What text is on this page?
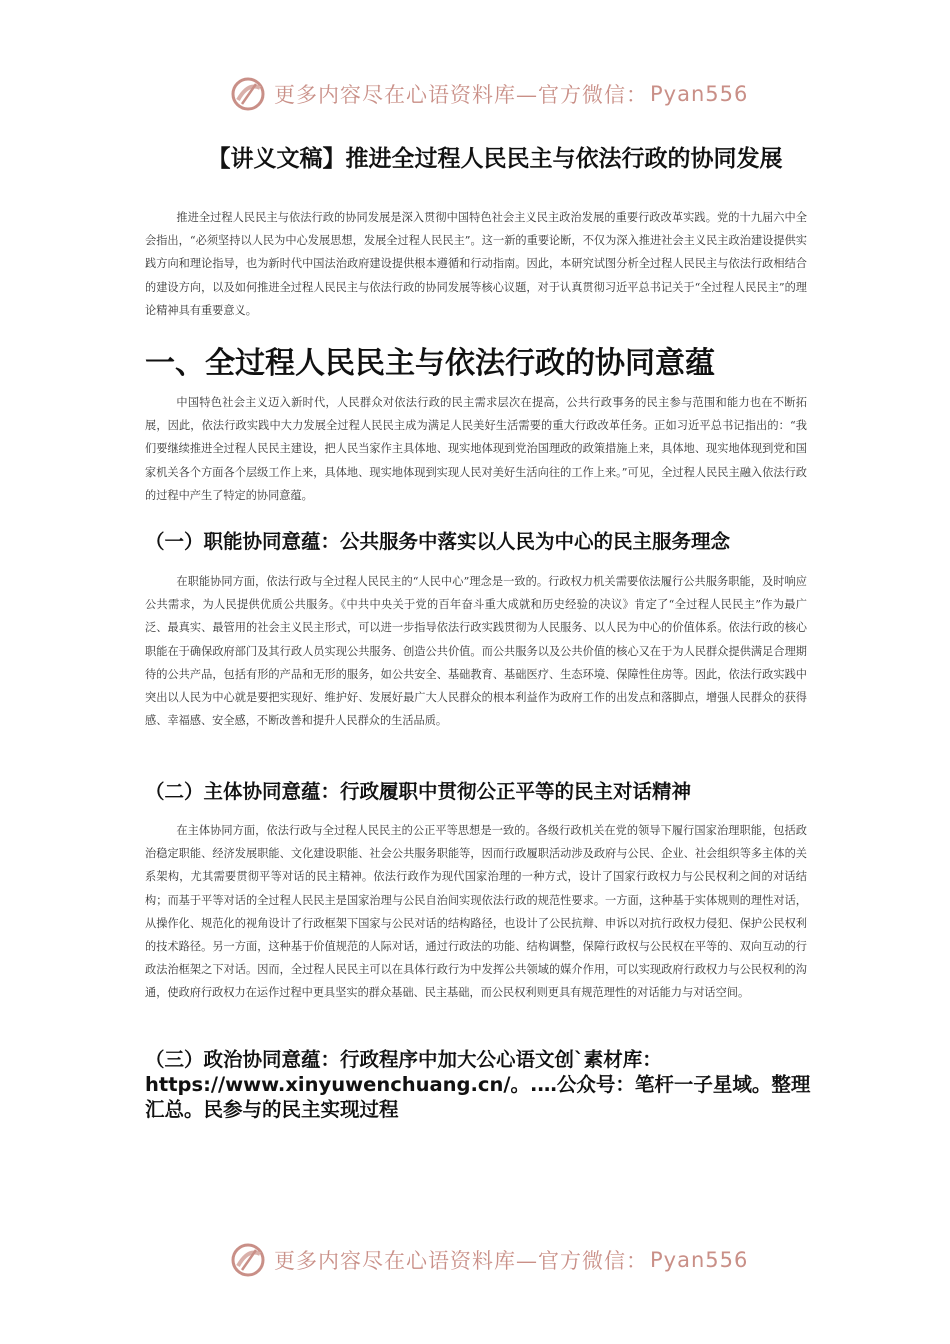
更多内容尽在心语资料库—官方微信： Pyan556
【讲义文稿】推进全过程人民民主与依法行政的协同发展

推进全过程人民民主与依法行政的协同发展是深入贯彻中国特色社会主义民主政治发展的重要行政改革实践。党的十九届六中全会指出，“必须坚持以人民为中心发展思想，发展全过程人民民主”。这一新的重要论断，不仅为深入推进社会主义民主政治建设提供实践方向和理论指导，也为新时代中国法治政府建设提供根本遵循和行动指南。因此，本研究试图分析全过程人民民主与依法行政相结合的建设方向，以及如何推进全过程人民民主与依法行政的协同发展等核心议题，对于认真贯彻习近平总书记关于“全过程人民民主”的理论精神具有重要意义。

一、全过程人民民主与依法行政的协同意蕴

中国特色社会主义迈入新时代，人民群众对依法行政的民主需求层次在提高，公共行政事务的民主参与范围和能力也在不断拓展，因此，依法行政实践中大力发展全过程人民民主成为满足人民美好生活需要的重大行政改革任务。正如习近平总书记指出的：“我们要继续推进全过程人民民主建设，把人民当家作主具体地、现实地体现到党治国理政的政策措施上来，具体地、现实地体现到党和国家机关各个方面各个层级工作上来，具体地、现实地体现到实现人民对美好生活向往的工作上来。”可见，全过程人民民主融入依法行政的过程中产生了特定的协同意蕴。

（一）职能协同意蕴：公共服务中落实以人民为中心的民主服务理念

在职能协同方面，依法行政与全过程人民民主的“人民中心”理念是一致的。行政权力机关需要依法履行公共服务职能，及时响应公共需求，为人民提供优质公共服务。《中共中央关于党的百年奋斗重大成就和历史经验的决议》肯定了“全过程人民民主”作为最广泛、最真实、最管用的社会主义民主形式，可以进一步指导依法行政实践贯彻为人民服务、以人民为中心的价值体系。依法行政的核心职能在于确保政府部门及其行政人员实现公共服务、创造公共价值。而公共服务以及公共价值的核心又在于为人民群众提供满足合理期待的公共产品，包括有形的产品和无形的服务，如公共安全、基础教育、基础医疗、生态环境、保障性住房等。因此，依法行政实践中突出以人民为中心就是要把实现好、维护好、发展好最广大人民群众的根本利益作为政府工作的出发点和落脚点，增强人民群众的获得感、幸福感、安全感，不断改善和提升人民群众的生活品质。

（二）主体协同意蕴：行政履职中贯彻公正平等的民主对话精神

在主体协同方面，依法行政与全过程人民民主的公正平等思想是一致的。各级行政机关在党的领导下履行国家治理职能，包括政治稳定职能、经济发展职能、文化建设职能、社会公共服务职能等，因而行政履职活动涉及政府与公民、企业、社会组织等多主体的关系架构，尤其需要贯彻平等对话的民主精神。依法行政作为现代国家治理的一种方式，设计了国家行政权力与公民权利之间的对话结构；而基于平等对话的全过程人民民主是国家治理与公民自治间实现依法行政的规范性要求。一方面，这种基于实体规则的理性对话，从操作化、规范化的视角设计了行政框架下国家与公民对话的结构路径，也设计了公民抗辩、申诉以对抗行政权力侵犯、保护公民权利的技术路径。另一方面，这种基于价值规范的人际对话，通过行政法的功能、结构调整，保障行政权与公民权在平等的、双向互动的行政法治框架之下对话。因而，全过程人民民主可以在具体行政行为中发挥公共领域的媒介作用，可以实现政府行政权力与公民权利的沟通，使政府行政权力在运作过程中更具坚实的群众基础、民主基础，而公民权利则更具有规范理性的对话能力与对话空间。

（三）政治协同意蕴：行政程序中加大公心语文创`素材库：https://www.xinyuwenchuang.cn/。.…公众号：笔杆一子星域。整理汇总。民参与的民主实现过程
更多内容尽在心语资料库—官方微信： Pyan556
